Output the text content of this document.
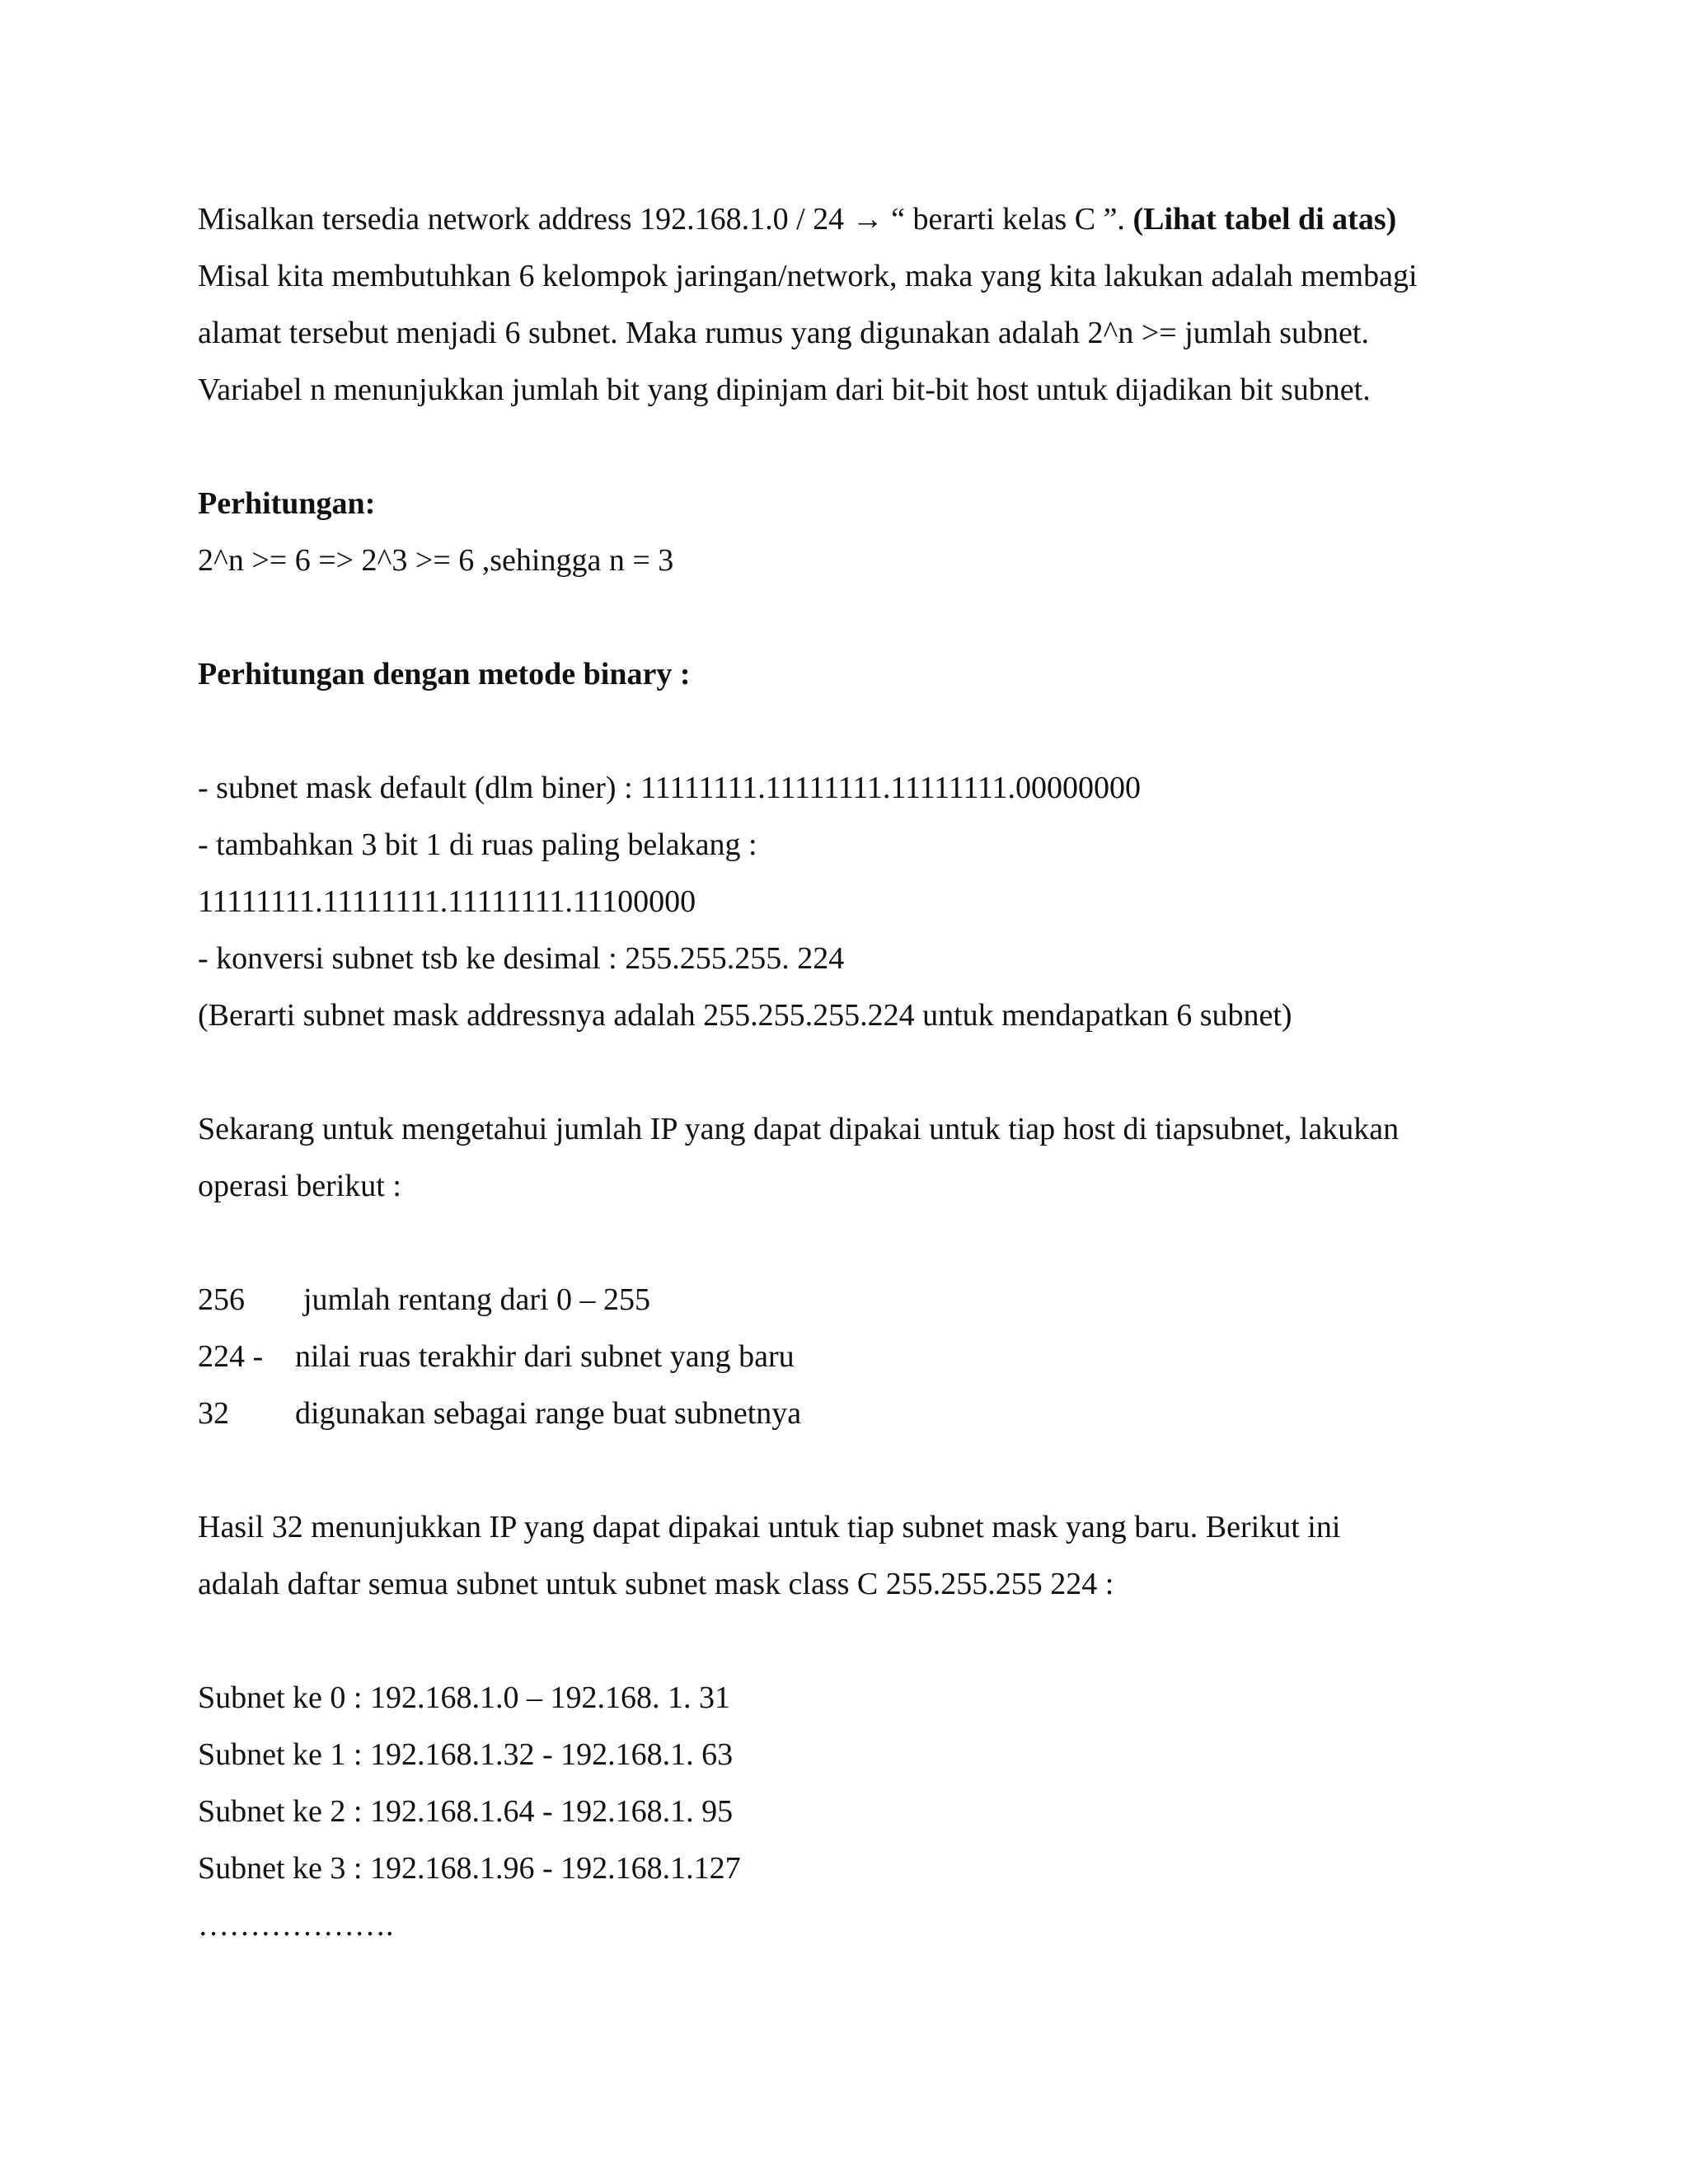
Misalkan tersedia network address 192.168.1.0 / 24 → “ berarti kelas C ”. (Lihat tabel di atas)
Misal kita membutuhkan 6 kelompok jaringan/network, maka yang kita lakukan adalah membagi
alamat tersebut menjadi 6 subnet. Maka rumus yang digunakan adalah 2^n >= jumlah subnet.
Variabel n menunjukkan jumlah bit yang dipinjam dari bit-bit host untuk dijadikan bit subnet.
Perhitungan:
2^n >= 6 => 2^3 >= 6 ,sehingga n = 3
Perhitungan dengan metode binary :
- subnet mask default (dlm biner) : 11111111.11111111.11111111.00000000
- tambahkan 3 bit 1 di ruas paling belakang :
11111111.11111111.11111111.11100000
- konversi subnet tsb ke desimal : 255.255.255. 224
(Berarti subnet mask addressnya adalah 255.255.255.224 untuk mendapatkan 6 subnet)
Sekarang untuk mengetahui jumlah IP yang dapat dipakai untuk tiap host di tiapsubnet, lakukan
operasi berikut :
256 jumlah rentang dari 0 – 255
224 - nilai ruas terakhir dari subnet yang baru
32 digunakan sebagai range buat subnetnya
Hasil 32 menunjukkan IP yang dapat dipakai untuk tiap subnet mask yang baru. Berikut ini
adalah daftar semua subnet untuk subnet mask class C 255.255.255 224 :
Subnet ke 0 : 192.168.1.0 – 192.168. 1. 31
Subnet ke 1 : 192.168.1.32 - 192.168.1. 63
Subnet ke 2 : 192.168.1.64 - 192.168.1. 95
Subnet ke 3 : 192.168.1.96 - 192.168.1.127
……………….
